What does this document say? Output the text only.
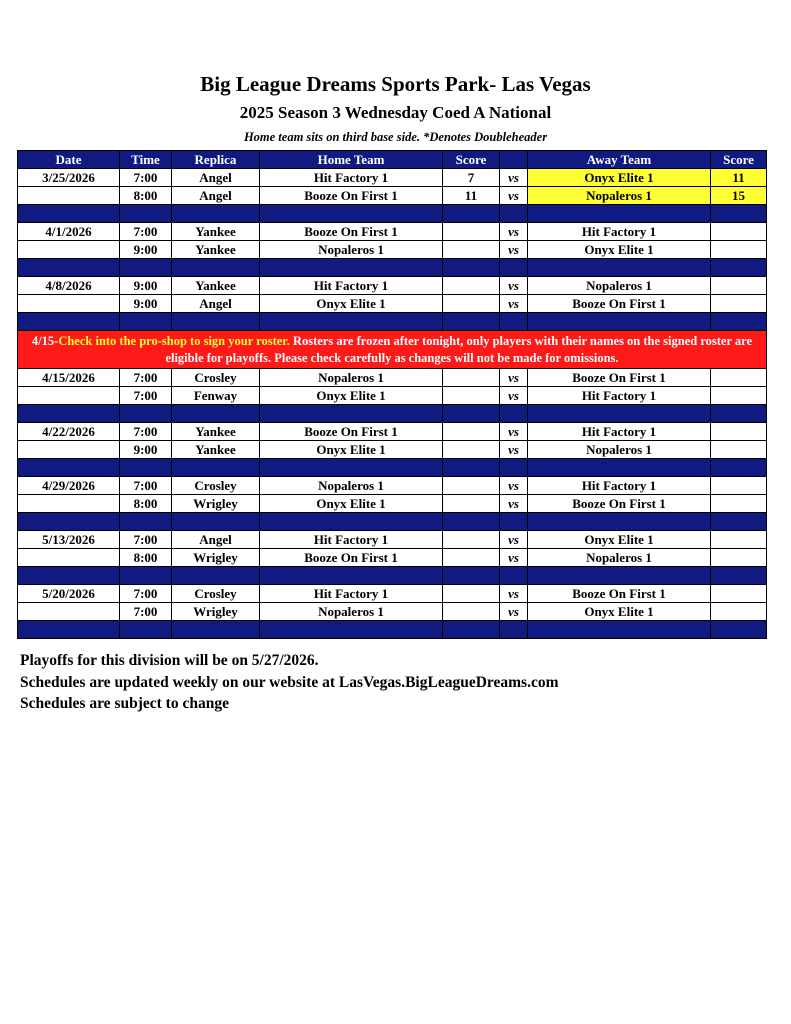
Big League Dreams Sports Park- Las Vegas
2025 Season 3 Wednesday Coed A National
Home team sits on third base side. *Denotes Doubleheader
Date	Time	Replica	Home Team	Score		Away Team	Score
3/25/2026	7:00	Angel	Hit Factory 1	7	vs	Onyx Elite 1	11
	8:00	Angel	Booze On First 1	11	vs	Nopaleros 1	15

4/1/2026	7:00	Yankee	Booze On First 1		vs	Hit Factory 1	
	9:00	Yankee	Nopaleros 1		vs	Onyx Elite 1	

4/8/2026	9:00	Yankee	Hit Factory 1		vs	Nopaleros 1	
	9:00	Angel	Onyx Elite 1		vs	Booze On First 1	

4/15-Check into the pro-shop to sign your roster. Rosters are frozen after tonight, only players with their names on the signed roster are eligible for playoffs. Please check carefully as changes will not be made for omissions.							
4/15/2026	7:00	Crosley	Nopaleros 1		vs	Booze On First 1	
	7:00	Fenway	Onyx Elite 1		vs	Hit Factory 1	

4/22/2026	7:00	Yankee	Booze On First 1		vs	Hit Factory 1	
	9:00	Yankee	Onyx Elite 1		vs	Nopaleros 1	

4/29/2026	7:00	Crosley	Nopaleros 1		vs	Hit Factory 1	
	8:00	Wrigley	Onyx Elite 1		vs	Booze On First 1	

5/13/2026	7:00	Angel	Hit Factory 1		vs	Onyx Elite 1	
	8:00	Wrigley	Booze On First 1		vs	Nopaleros 1	

5/20/2026	7:00	Crosley	Hit Factory 1		vs	Booze On First 1	
	7:00	Wrigley	Nopaleros 1		vs	Onyx Elite 1	

Playoffs for this division will be on 5/27/2026.
Schedules are updated weekly on our website at LasVegas.BigLeagueDreams.com
Schedules are subject to change
